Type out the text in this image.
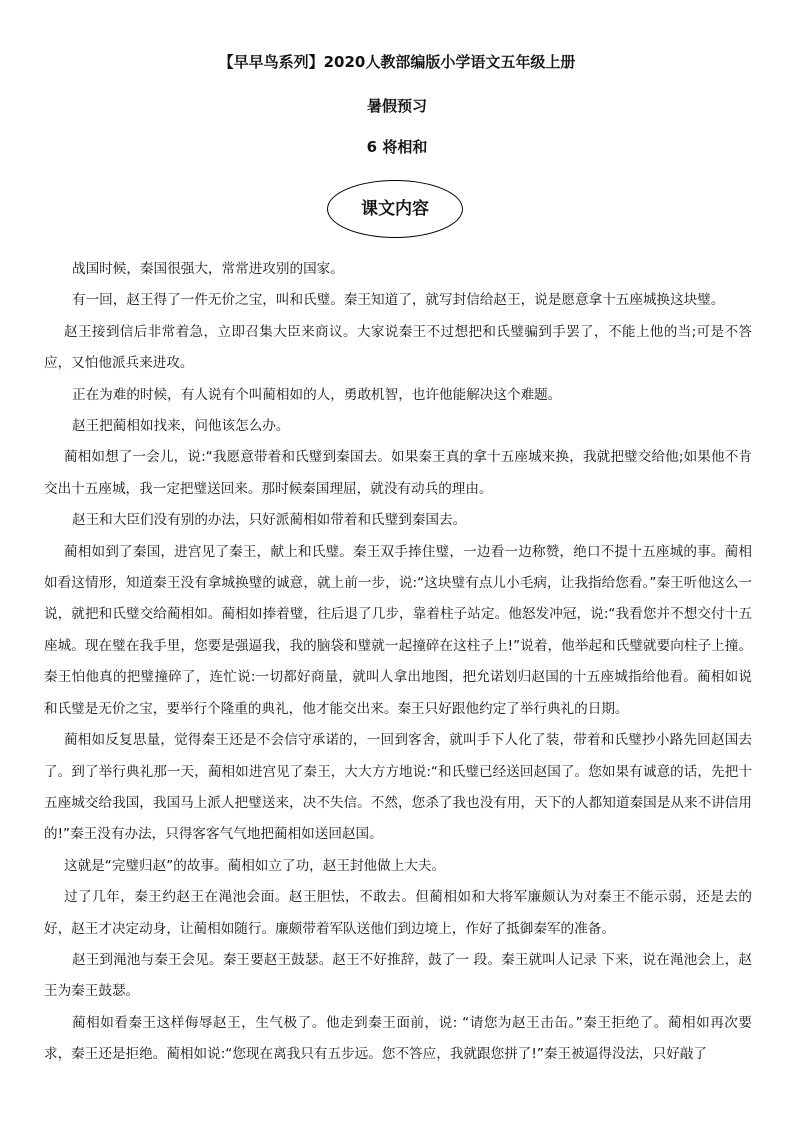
【早早鸟系列】2020人教部编版小学语文五年级上册
暑假预习
6 将相和
课文内容

战国时候，秦国很强大，常常进攻别的国家。

有一回，赵王得了一件无价之宝，叫和氏璧。秦王知道了，就写封信给赵王，说是愿意拿十五座城换这块璧。

赵王接到信后非常着急，立即召集大臣来商议。大家说秦王不过想把和氏璧骗到手罢了，不能上他的当;可是不答应，又怕他派兵来进攻。

正在为难的时候，有人说有个叫蔺相如的人，勇敢机智，也许他能解决这个难题。

赵王把蔺相如找来，问他该怎么办。

蔺相如想了一会儿，说:“我愿意带着和氏璧到秦国去。如果秦王真的拿十五座城来换，我就把璧交给他;如果他不肯交出十五座城，我一定把璧送回来。那时候秦国理屈，就没有动兵的理由。

赵王和大臣们没有别的办法，只好派蔺相如带着和氏璧到秦国去。

蔺相如到了秦国，进宫见了秦王，献上和氏璧。秦王双手捧住璧，一边看一边称赞，绝口不提十五座城的事。蔺相如看这情形，知道秦王没有拿城换璧的诚意，就上前一步，说:“这块璧有点儿小毛病，让我指给您看。”秦王听他这么一说，就把和氏璧交给蔺相如。蔺相如捧着璧，往后退了几步，靠着柱子站定。他怒发冲冠，说:“我看您并不想交付十五座城。现在璧在我手里，您要是强逼我，我的脑袋和璧就一起撞碎在这柱子上!”说着，他举起和氏璧就要向柱子上撞。秦王怕他真的把璧撞碎了，连忙说:一切都好商量，就叫人拿出地图，把允诺划归赵国的十五座城指给他看。蔺相如说和氏璧是无价之宝，要举行个隆重的典礼，他才能交出来。秦王只好跟他约定了举行典礼的日期。

蔺相如反复思量，觉得秦王还是不会信守承诺的，一回到客舍，就叫手下人化了装，带着和氏璧抄小路先回赵国去了。到了举行典礼那一天，蔺相如进宫见了秦王，大大方方地说:“和氏璧已经送回赵国了。您如果有诚意的话，先把十五座城交给我国，我国马上派人把璧送来，决不失信。不然，您杀了我也没有用，天下的人都知道秦国是从来不讲信用的!”秦王没有办法，只得客客气气地把蔺相如送回赵国。

这就是“完璧归赵”的故事。蔺相如立了功，赵王封他做上大夫。

过了几年，秦王约赵王在渑池会面。赵王胆怯，不敢去。但蔺相如和大将军廉颇认为对秦王不能示弱，还是去的好，赵王才决定动身，让蔺相如随行。廉颇带着军队送他们到边境上，作好了抵御秦军的准备。

赵王到渑池与秦王会见。秦王要赵王鼓瑟。赵王不好推辞，鼓了一 段。秦王就叫人记录 下来，说在渑池会上，赵王为秦王鼓瑟。

蔺相如看秦王这样侮辱赵王，生气极了。他走到秦王面前，说: “请您为赵王击缶。”秦王拒绝了。蔺相如再次要求，秦王还是拒绝。蔺相如说:“您现在离我只有五步远。您不答应，我就跟您拼了!”秦王被逼得没法，只好敲了
